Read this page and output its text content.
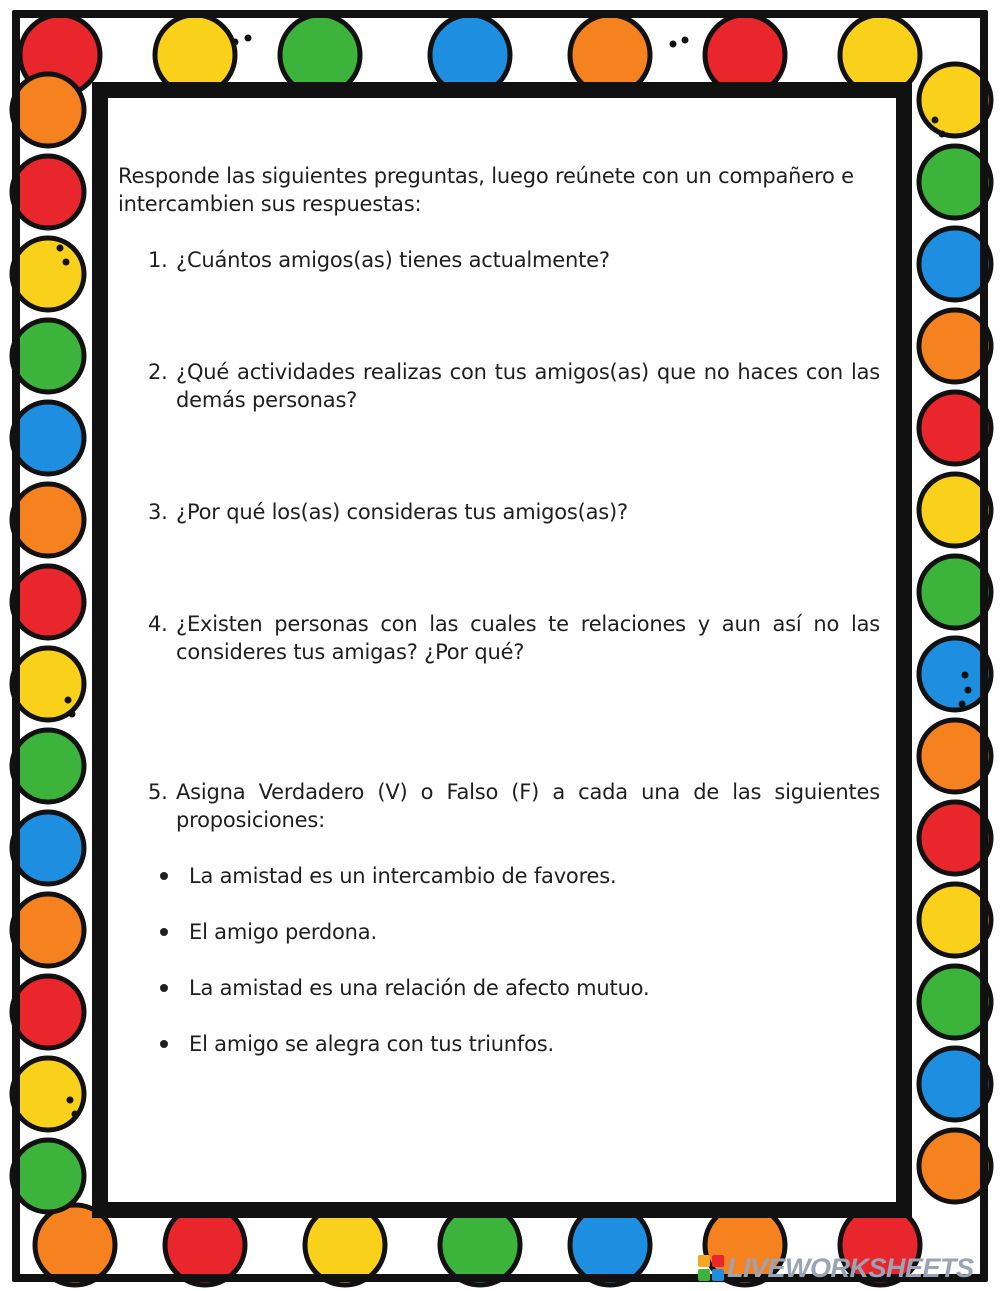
Responde las siguientes preguntas, luego reúnete con un compañero e intercambien sus respuestas:
1. ¿Cuántos amigos(as) tienes actualmente?
2. ¿Qué actividades realizas con tus amigos(as) que no haces con las demás personas?
3. ¿Por qué los(as) consideras tus amigos(as)?
4. ¿Existen personas con las cuales te relaciones y aun así no las consideres tus amigas? ¿Por qué?
5. Asigna Verdadero (V) o Falso (F) a cada una de las siguientes proposiciones:
La amistad es un intercambio de favores.
El amigo perdona.
La amistad es una relación de afecto mutuo.
El amigo se alegra con tus triunfos.
LIVEWORKSHEETS
